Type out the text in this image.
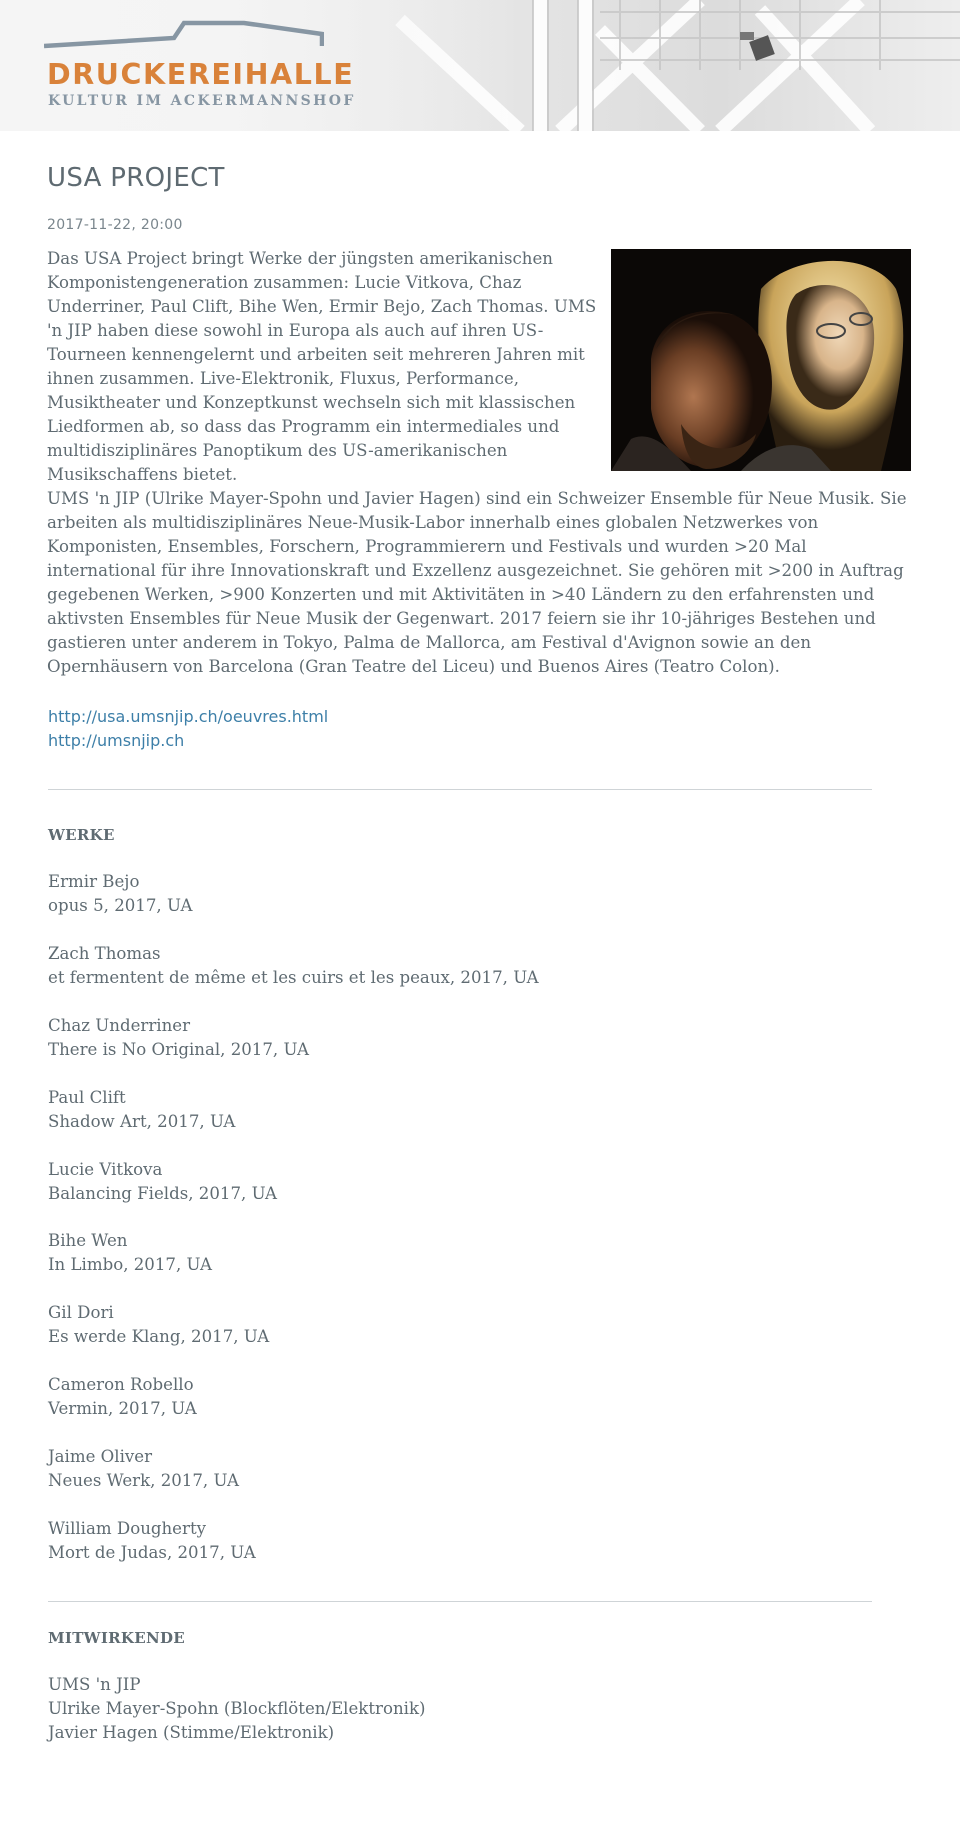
DRUCKEREIHALLE

KULTUR IM ACKERMANNSHOF

USA PROJECT

2017-11-22, 20:00

Das USA Project bringt Werke der jüngsten amerikanischen Komponistengeneration zusammen: Lucie Vitkova, Chaz Underriner, Paul Clift, Bihe Wen, Ermir Bejo, Zach Thomas. UMS 'n JIP haben diese sowohl in Europa als auch auf ihren US-Tourneen kennengelernt und arbeiten seit mehreren Jahren mit ihnen zusammen. Live-Elektronik, Fluxus, Performance, Musiktheater und Konzeptkunst wechseln sich mit klassischen Liedformen ab, so dass das Programm ein intermediales und multidisziplinäres Panoptikum des US-amerikanischen Musikschaffens bietet.

UMS 'n JIP (Ulrike Mayer-Spohn und Javier Hagen) sind ein Schweizer Ensemble für Neue Musik. Sie arbeiten als multidisziplinäres Neue-Musik-Labor innerhalb eines globalen Netzwerkes von Komponisten, Ensembles, Forschern, Programmierern und Festivals und wurden >20 Mal international für ihre Innovationskraft und Exzellenz ausgezeichnet. Sie gehören mit >200 in Auftrag gegebenen Werken, >900 Konzerten und mit Aktivitäten in >40 Ländern zu den erfahrensten und aktivsten Ensembles für Neue Musik der Gegenwart. 2017 feiern sie ihr 10-jähriges Bestehen und gastieren unter anderem in Tokyo, Palma de Mallorca, am Festival d'Avignon sowie an den Opernhäusern von Barcelona (Gran Teatre del Liceu) und Buenos Aires (Teatro Colon).

http://usa.umsnjip.ch/oeuvres.html
http://umsnjip.ch

WERKE

Ermir Bejo
opus 5, 2017, UA
Zach Thomas
et fermentent de même et les cuirs et les peaux, 2017, UA
Chaz Underriner
There is No Original, 2017, UA
Paul Clift
Shadow Art, 2017, UA
Lucie Vitkova
Balancing Fields, 2017, UA
Bihe Wen
In Limbo, 2017, UA
Gil Dori
Es werde Klang, 2017, UA
Cameron Robello
Vermin, 2017, UA
Jaime Oliver
Neues Werk, 2017, UA
William Dougherty
Mort de Judas, 2017, UA

MITWIRKENDE

UMS 'n JIP
Ulrike Mayer-Spohn (Blockflöten/Elektronik)
Javier Hagen (Stimme/Elektronik)
